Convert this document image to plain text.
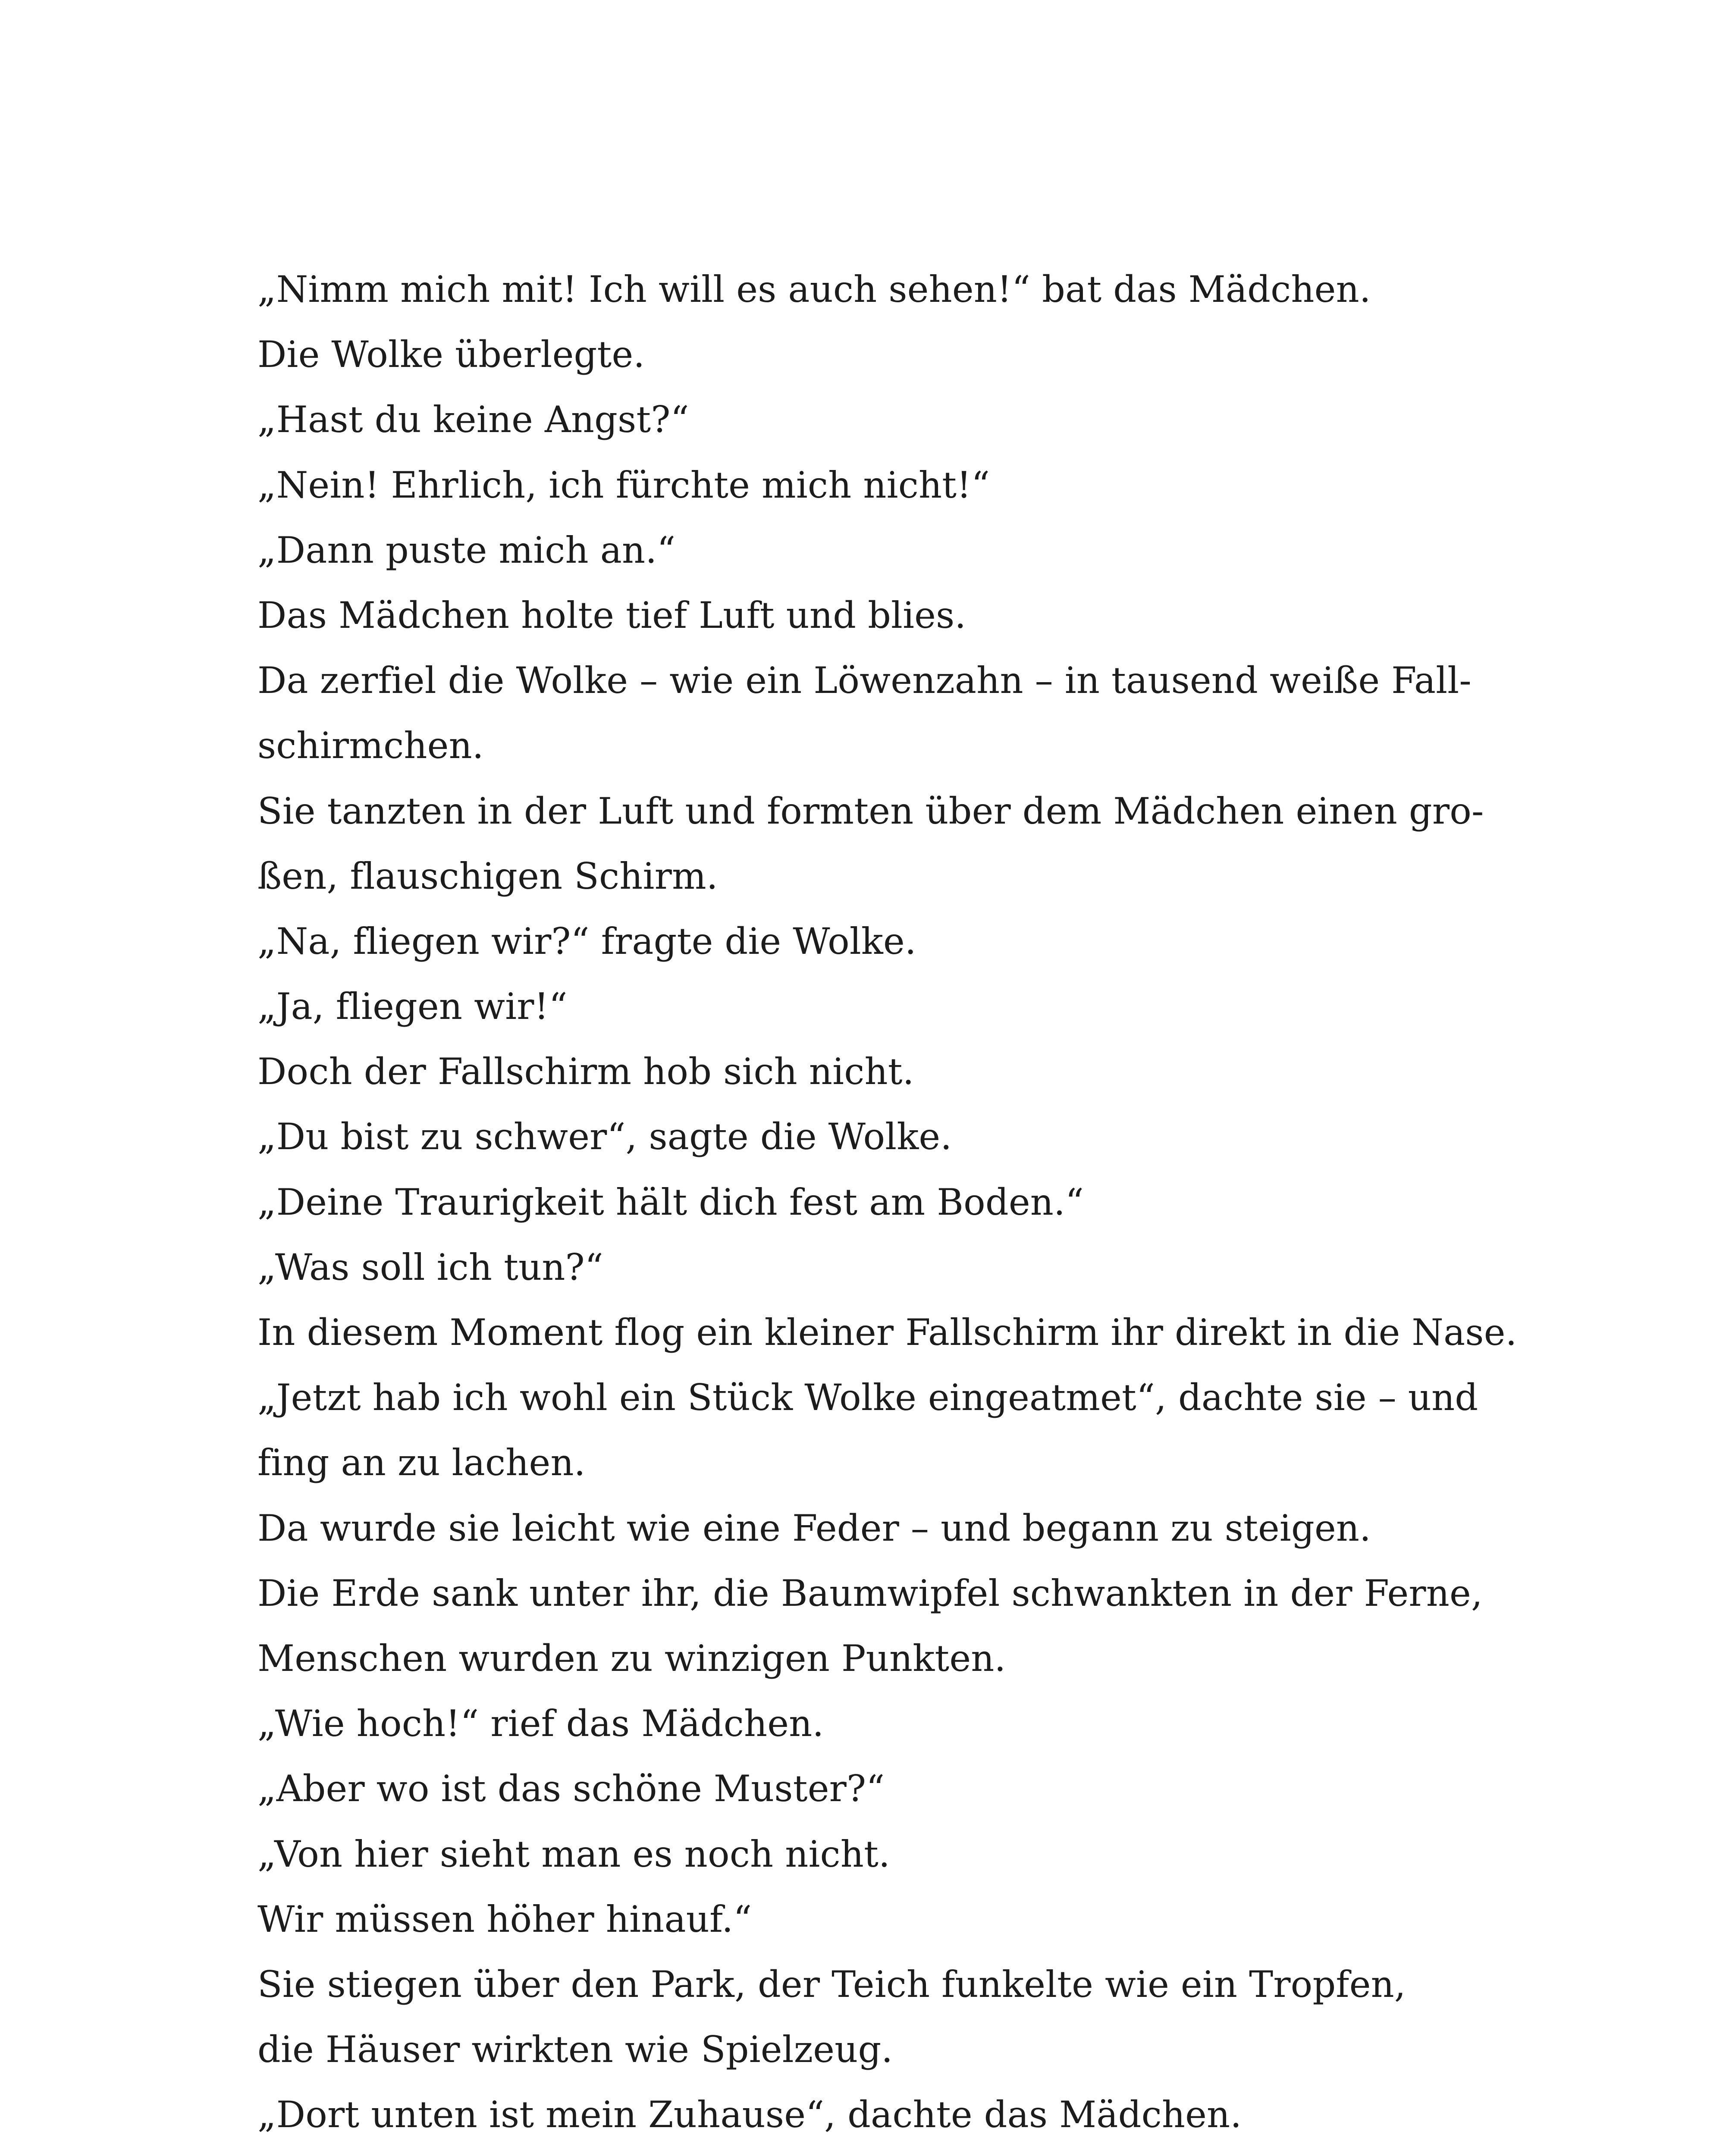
„Nimm mich mit! Ich will es auch sehen!“ bat das Mädchen.
Die Wolke überlegte.
„Hast du keine Angst?“
„Nein! Ehrlich, ich fürchte mich nicht!“
„Dann puste mich an.“
Das Mädchen holte tief Luft und blies.
Da zerfiel die Wolke – wie ein Löwenzahn – in tausend weiße Fall-
schirmchen.
Sie tanzten in der Luft und formten über dem Mädchen einen gro-
ßen, flauschigen Schirm.
„Na, fliegen wir?“ fragte die Wolke.
„Ja, fliegen wir!“
Doch der Fallschirm hob sich nicht.
„Du bist zu schwer“, sagte die Wolke.
„Deine Traurigkeit hält dich fest am Boden.“
„Was soll ich tun?“
In diesem Moment flog ein kleiner Fallschirm ihr direkt in die Nase.
„Jetzt hab ich wohl ein Stück Wolke eingeatmet“, dachte sie – und
fing an zu lachen.
Da wurde sie leicht wie eine Feder – und begann zu steigen.
Die Erde sank unter ihr, die Baumwipfel schwankten in der Ferne,
Menschen wurden zu winzigen Punkten.
„Wie hoch!“ rief das Mädchen.
„Aber wo ist das schöne Muster?“
„Von hier sieht man es noch nicht.
Wir müssen höher hinauf.“
Sie stiegen über den Park, der Teich funkelte wie ein Tropfen,
die Häuser wirkten wie Spielzeug.
„Dort unten ist mein Zuhause“, dachte das Mädchen.
